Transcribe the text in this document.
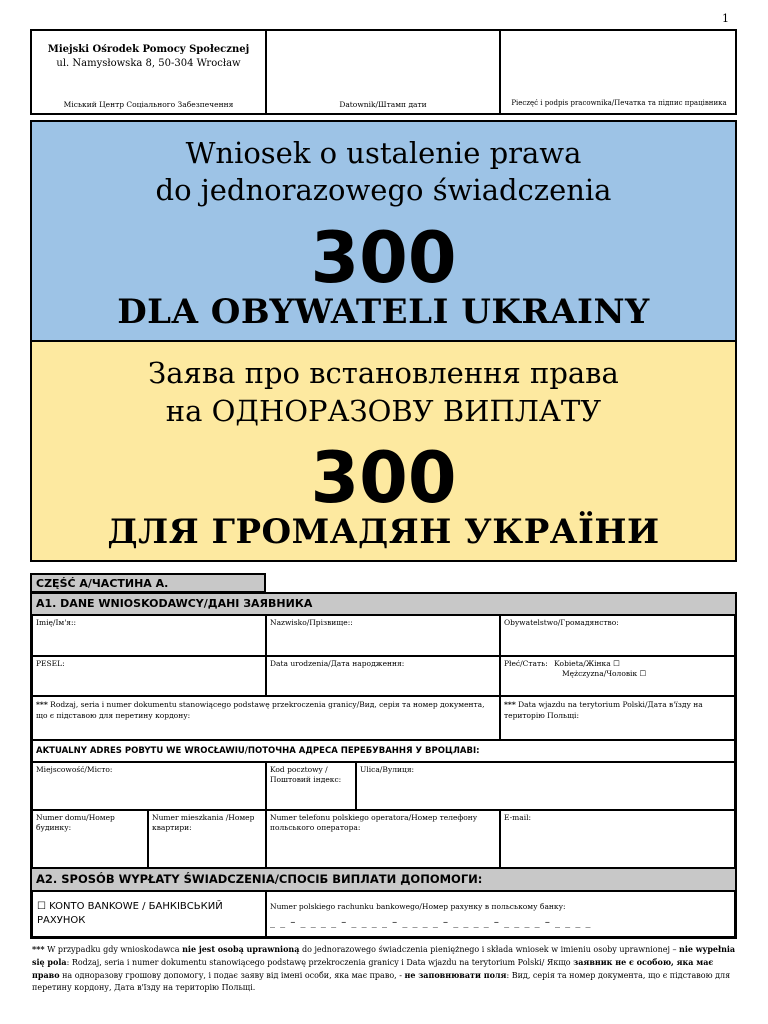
1
Miejski Ośrodek Pomocy Społecznej
ul. Namysłowska 8, 50-304 Wrocław
Міський Центр Соціального Забезпечення	Datownik/Штамп дати	Pieczęć i podpis pracownika/Печатка та підпис працівника
Wniosek o ustalenie prawa
do jednorazowego świadczenia
300
DLA OBYWATELI UKRAINY
Заява про встановлення права
на ОДНОРАЗОВУ ВИПЛАТУ
300
ДЛЯ ГРОМАДЯН УКРАЇНИ
CZĘŚĆ A/ЧАСТИНА А.
A1. DANE WNIOSKODAWCY/ДАНІ ЗАЯВНИКА
Imię/Ім'я::	Nazwisko/Прізвище::	Obywatelstwo/Громадянство:
PESEL:	Data urodzenia/Дата народження:	Płeć/Стать: Kobieta/Жінка ☐
Mężczyzna/Чоловік ☐
*** Rodzaj, seria i numer dokumentu stanowiącego podstawę przekroczenia granicy/Вид, серія та номер документа, що є підставою для перетину кордону:
*** Data wjazdu na terytorium Polski/Дата в'їзду на територію Польщі:
AKTUALNY ADRES POBYTU WE WROCŁAWIU/ПОТОЧНА АДРЕСА ПЕРЕБУВАННЯ У ВРОЦЛАВІ:
Miejscowość/Місто:	Kod pocztowy / Поштовий індекс:
Ulica/Вулиця:
Numer domu/Номер будинку:
Numer mieszkania /Номер квартири:
Numer telefonu polskiego operatora/Номер телефону польського оператора:
E-mail:
A2. SPOSÓB WYPŁATY ŚWIADCZENIA/СПОСІБ ВИПЛАТИ ДОПОМОГИ:
☐ KONTO BANKOWE / БАНКІВСЬКИЙ РАХУНОК
Numer polskiego rachunku bankowego/Номер рахунку в польському банку:
_ _ – _ _ _ _ – _ _ _ _ – _ _ _ _ – _ _ _ _ – _ _ _ _ – _ _ _ _
*** W przypadku gdy wnioskodawca nie jest osobą uprawnioną do jednorazowego świadczenia pieniężnego i składa wniosek w imieniu osoby uprawnionej – nie wypełnia się pola: Rodzaj, seria i numer dokumentu stanowiącego podstawę przekroczenia granicy i Data wjazdu na terytorium Polski/ Якщо заявник не є особою, яка має право на одноразову грошову допомогу, і подає заяву від імені особи, яка має право, - не заповнювати поля: Вид, серія та номер документа, що є підставою для перетину кордону, Дата в'їзду на територію Польщі.
